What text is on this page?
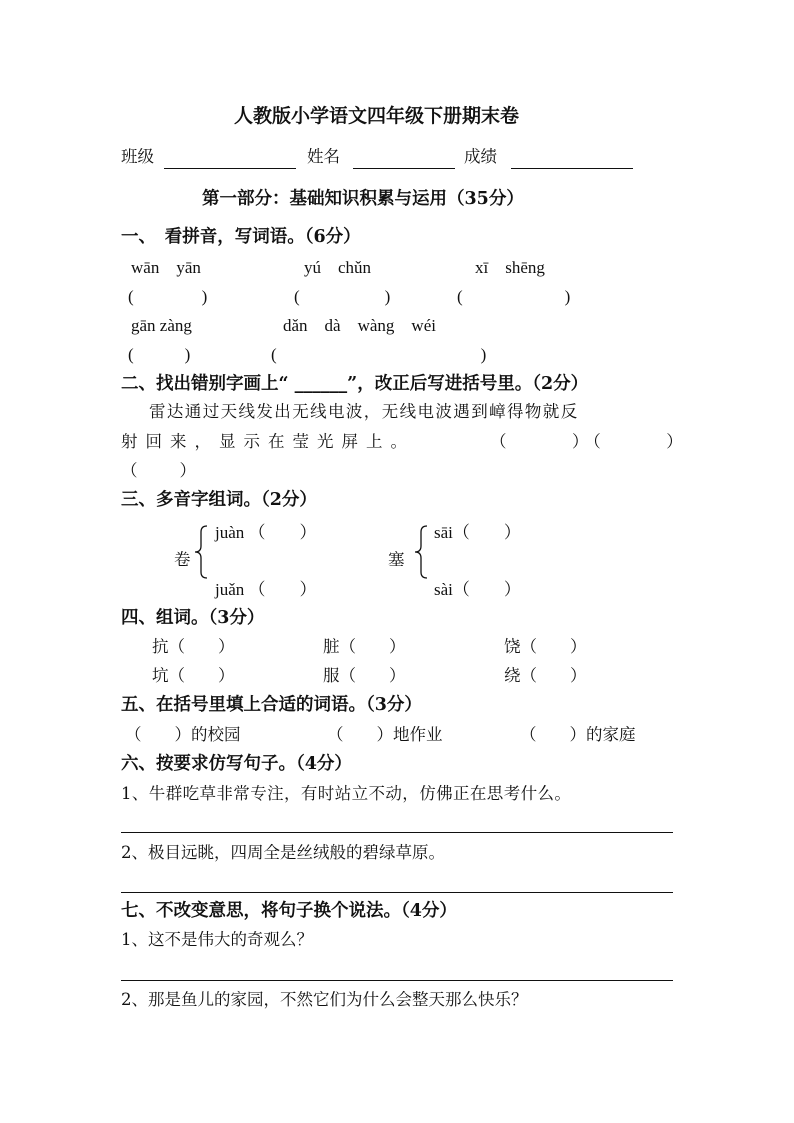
人教版小学语文四年级下册期末卷
班级	姓名	成绩
第一部分：基础知识积累与运用（35分）
一、　看拼音，写词语。（6分）
wān　yān	yú　chǔn	xī　shēng
(　　　　)	(　　　　　)	(　　　　　　)
gān zàng	dǎn　dà　wàng　wéi
(　　　)	(　　　　　　　　　　　　)
二、找出错别字画上“ ______”，改正后写进括号里。（2分）
雷达通过天线发出无线电波，无线电波遇到嶂得物就反
射回来，显示在莹光屏上。	（　　　）（　　　）
（　　）
三、多音字组词。（2分）
卷
juàn （　　）
juǎn （　　）
塞
sāi（　　）
sài（　　）
四、组词。（3分）
抗（　　）	脏（　　）	饶（　　）
坑（　　）	服（　　）	绕（　　）
五、在括号里填上合适的词语。（3分）
（　　）的校园	（　　）地作业	（　　）的家庭
六、按要求仿写句子。（4分）
1、牛群吃草非常专注，有时站立不动，仿佛正在思考什么。
2、极目远眺，四周全是丝绒般的碧绿草原。
七、不改变意思，将句子换个说法。（4分）
1、这不是伟大的奇观么？
2、那是鱼儿的家园，不然它们为什么会整天那么快乐？
